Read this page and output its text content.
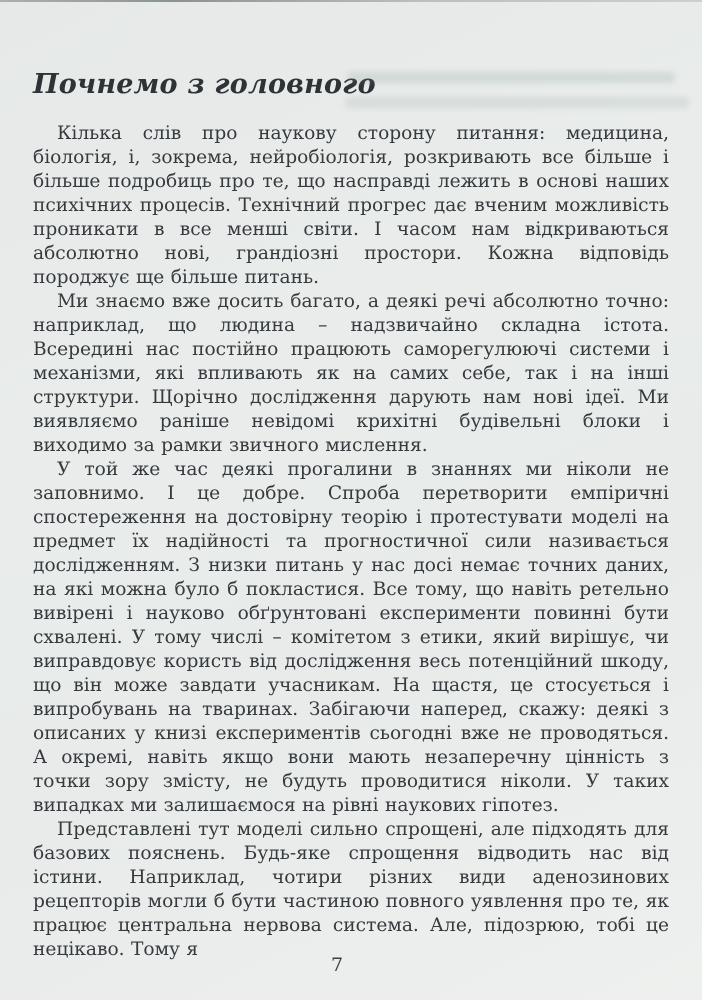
Почнемо з головного

Кілька слів про наукову сторону питання: медицина, біологія, і, зокрема, нейробіологія, розкривають все більше і більше подробиць про те, що насправді лежить в основі наших психічних процесів. Технічний прогрес дає вченим можливість проникати в все менші світи. І часом нам відкриваються абсолютно нові, грандіозні простори. Кожна відповідь породжує ще більше питань.

Ми знаємо вже досить багато, а деякі речі абсолютно точно: наприклад, що людина – надзвичайно складна істота. Всередині нас постійно працюють саморегулюючі системи і механізми, які впливають як на самих себе, так і на інші структури. Щорічно дослідження дарують нам нові ідеї. Ми виявляємо раніше невідомі крихітні будівельні блоки і виходимо за рамки звичного мислення.

У той же час деякі прогалини в знаннях ми ніколи не заповнимо. І це добре. Спроба перетворити емпіричні спостереження на достовірну теорію і протестувати моделі на предмет їх надійності та прогностичної сили називається дослідженням. З низки питань у нас досі немає точних даних, на які можна було б покластися. Все тому, що навіть ретельно вивірені і науково обґрунтовані експерименти повинні бути схвалені. У тому числі – комітетом з етики, який вирішує, чи виправдовує користь від дослідження весь потенційний шкоду, що він може завдати учасникам. На щастя, це стосується і випробувань на тваринах. Забігаючи наперед, скажу: деякі з описаних у книзі експериментів сьогодні вже не проводяться. А окремі, навіть якщо вони мають незаперечну цінність з точки зору змісту, не будуть проводитися ніколи. У таких випадках ми залишаємося на рівні наукових гіпотез.

Представлені тут моделі сильно спрощені, але підходять для базових пояснень. Будь-яке спрощення відводить нас від істини. Наприклад, чотири різних види аденозинових рецепторів могли б бути частиною повного уявлення про те, як працює центральна нервова система. Але, підозрюю, тобі це нецікаво. Тому я

7
